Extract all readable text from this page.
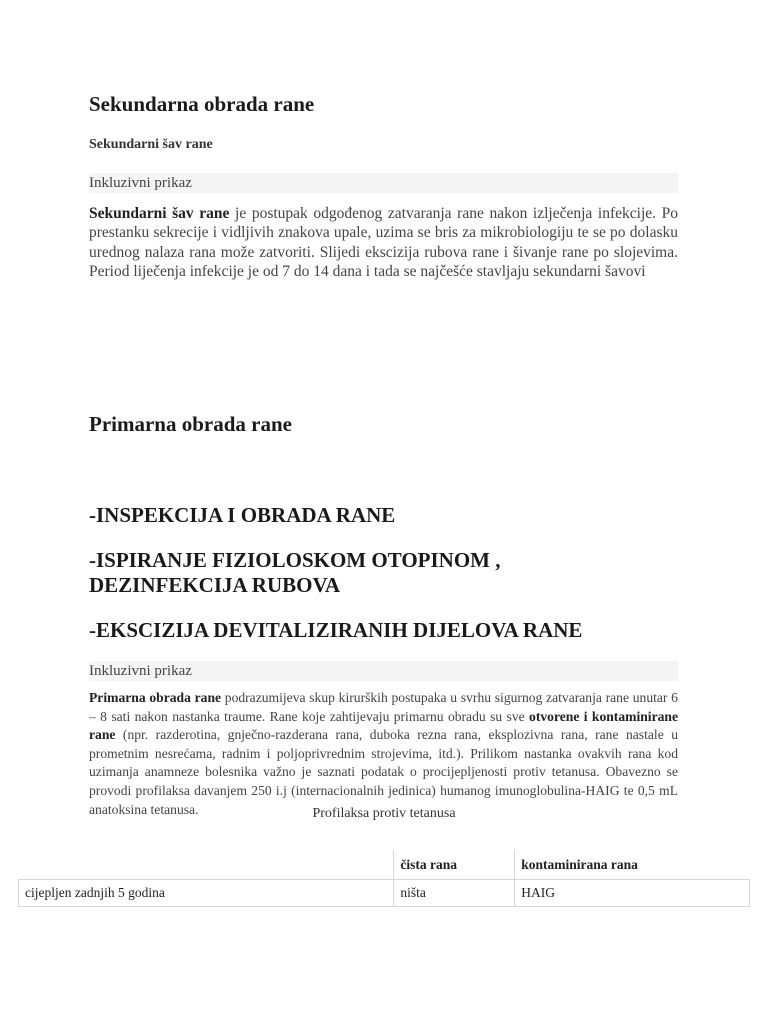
Sekundarna obrada rane
Sekundarni šav rane
Inkluzivni prikaz

Sekundarni šav rane je postupak odgođenog zatvaranja rane nakon izlječenja infekcije. Po prestanku sekrecije i vidljivih znakova upale, uzima se bris za mikrobiologiju te se po dolasku urednog nalaza rana može zatvoriti. Slijedi ekscizija rubova rane i šivanje rane po slojevima. Period liječenja infekcije je od 7 do 14 dana i tada se najčešće stavljaju sekundarni šavovi

Primarna obrada rane

-INSPEKCIJA I OBRADA RANE

-ISPIRANJE FIZIOLOSKOM OTOPINOM , DEZINFEKCIJA RUBOVA

-EKSCIZIJA DEVITALIZIRANIH DIJELOVA RANE

Inkluzivni prikaz

Primarna obrada rane podrazumijeva skup kirurških postupaka u svrhu sigurnog zatvaranja rane unutar 6 – 8 sati nakon nastanka traume. Rane koje zahtijevaju primarnu obradu su sve otvorene i kontaminirane rane (npr. razderotina, gnječno-razderana rana, duboka rezna rana, eksplozivna rana, rane nastale u prometnim nesrećama, radnim i poljoprivrednim strojevima, itd.). Prilikom nastanka ovakvih rana kod uzimanja anamneze bolesnika važno je saznati podatak o procijepljenosti protiv tetanusa. Obavezno se provodi profilaksa davanjem 250 i.j (internacionalnih jedinica) humanog imunoglobulina-HAIG te 0,5 mL anatoksina tetanusa.	Profilaksa protiv tetanusa
	čista rana	kontaminirana rana
cijepljen zadnjih 5 godina	ništa	HAIG
